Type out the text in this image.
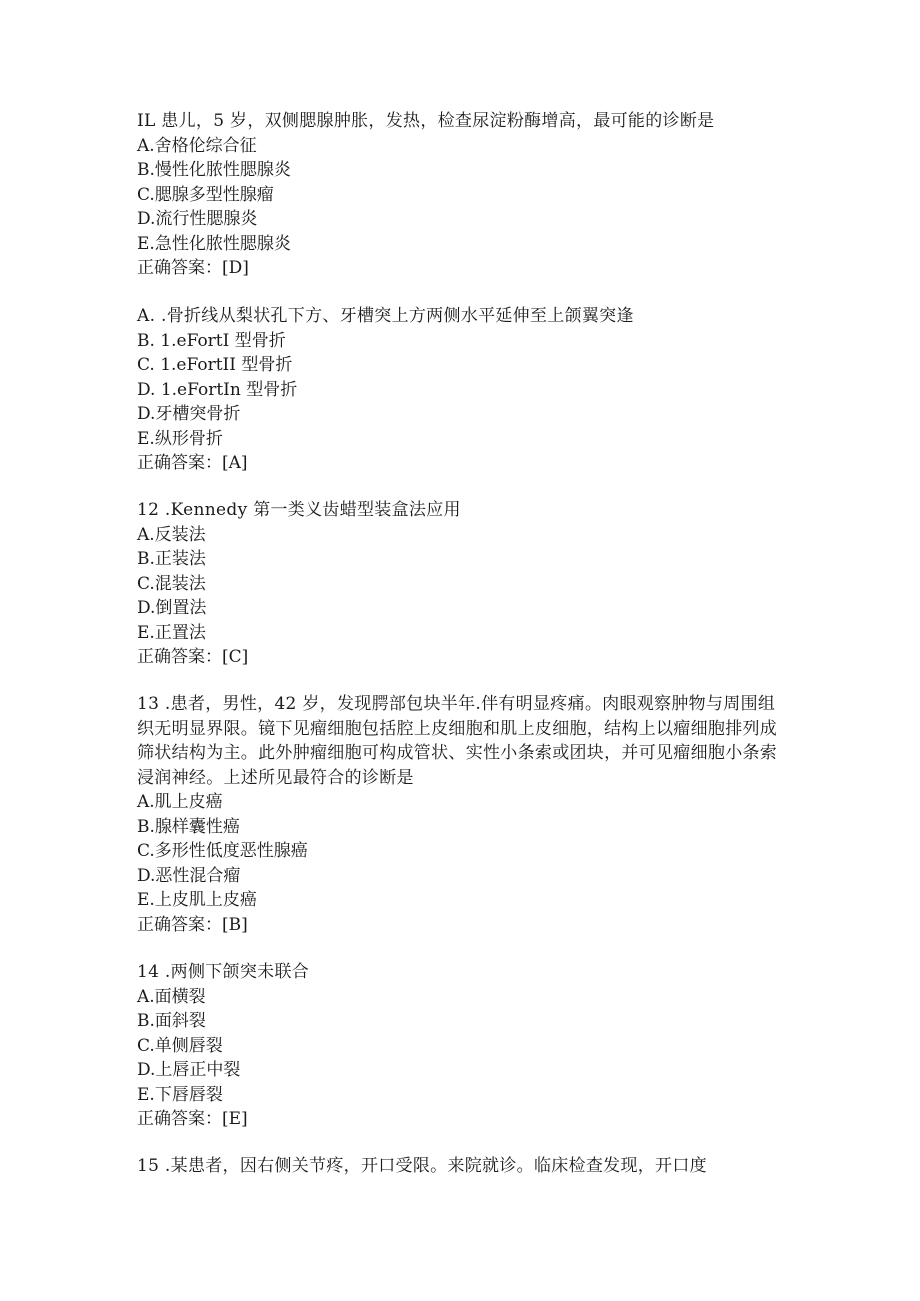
IL 患儿，5 岁，双侧腮腺肿胀，发热，检查尿淀粉酶增高，最可能的诊断是
A.舍格伦综合征
B.慢性化脓性腮腺炎
C.腮腺多型性腺瘤
D.流行性腮腺炎
E.急性化脓性腮腺炎
正确答案：[D]
A. .骨折线从梨状孔下方、牙槽突上方两侧水平延伸至上颌翼突逢
B. 1.eFortI 型骨折
C. 1.eFortII 型骨折
D. 1.eFortIn 型骨折
D.牙槽突骨折
E.纵形骨折
正确答案：[A]
12 .Kennedy 第一类义齿蜡型装盒法应用
A.反装法
B.正装法
C.混装法
D.倒置法
E.正置法
正确答案：[C]
13 .患者，男性，42 岁，发现腭部包块半年.伴有明显疼痛。肉眼观察肿物与周围组织无明显界限。镜下见瘤细胞包括腔上皮细胞和肌上皮细胞，结构上以瘤细胞排列成筛状结构为主。此外肿瘤细胞可构成管状、实性小条索或团块，并可见瘤细胞小条索浸润神经。上述所见最符合的诊断是
A.肌上皮癌
B.腺样囊性癌
C.多形性低度恶性腺癌
D.恶性混合瘤
E.上皮肌上皮癌
正确答案：[B]
14 .两侧下颌突未联合
A.面横裂
B.面斜裂
C.单侧唇裂
D.上唇正中裂
E.下唇唇裂
正确答案：[E]
15 .某患者，因右侧关节疼，开口受限。来院就诊。临床检查发现，开口度
